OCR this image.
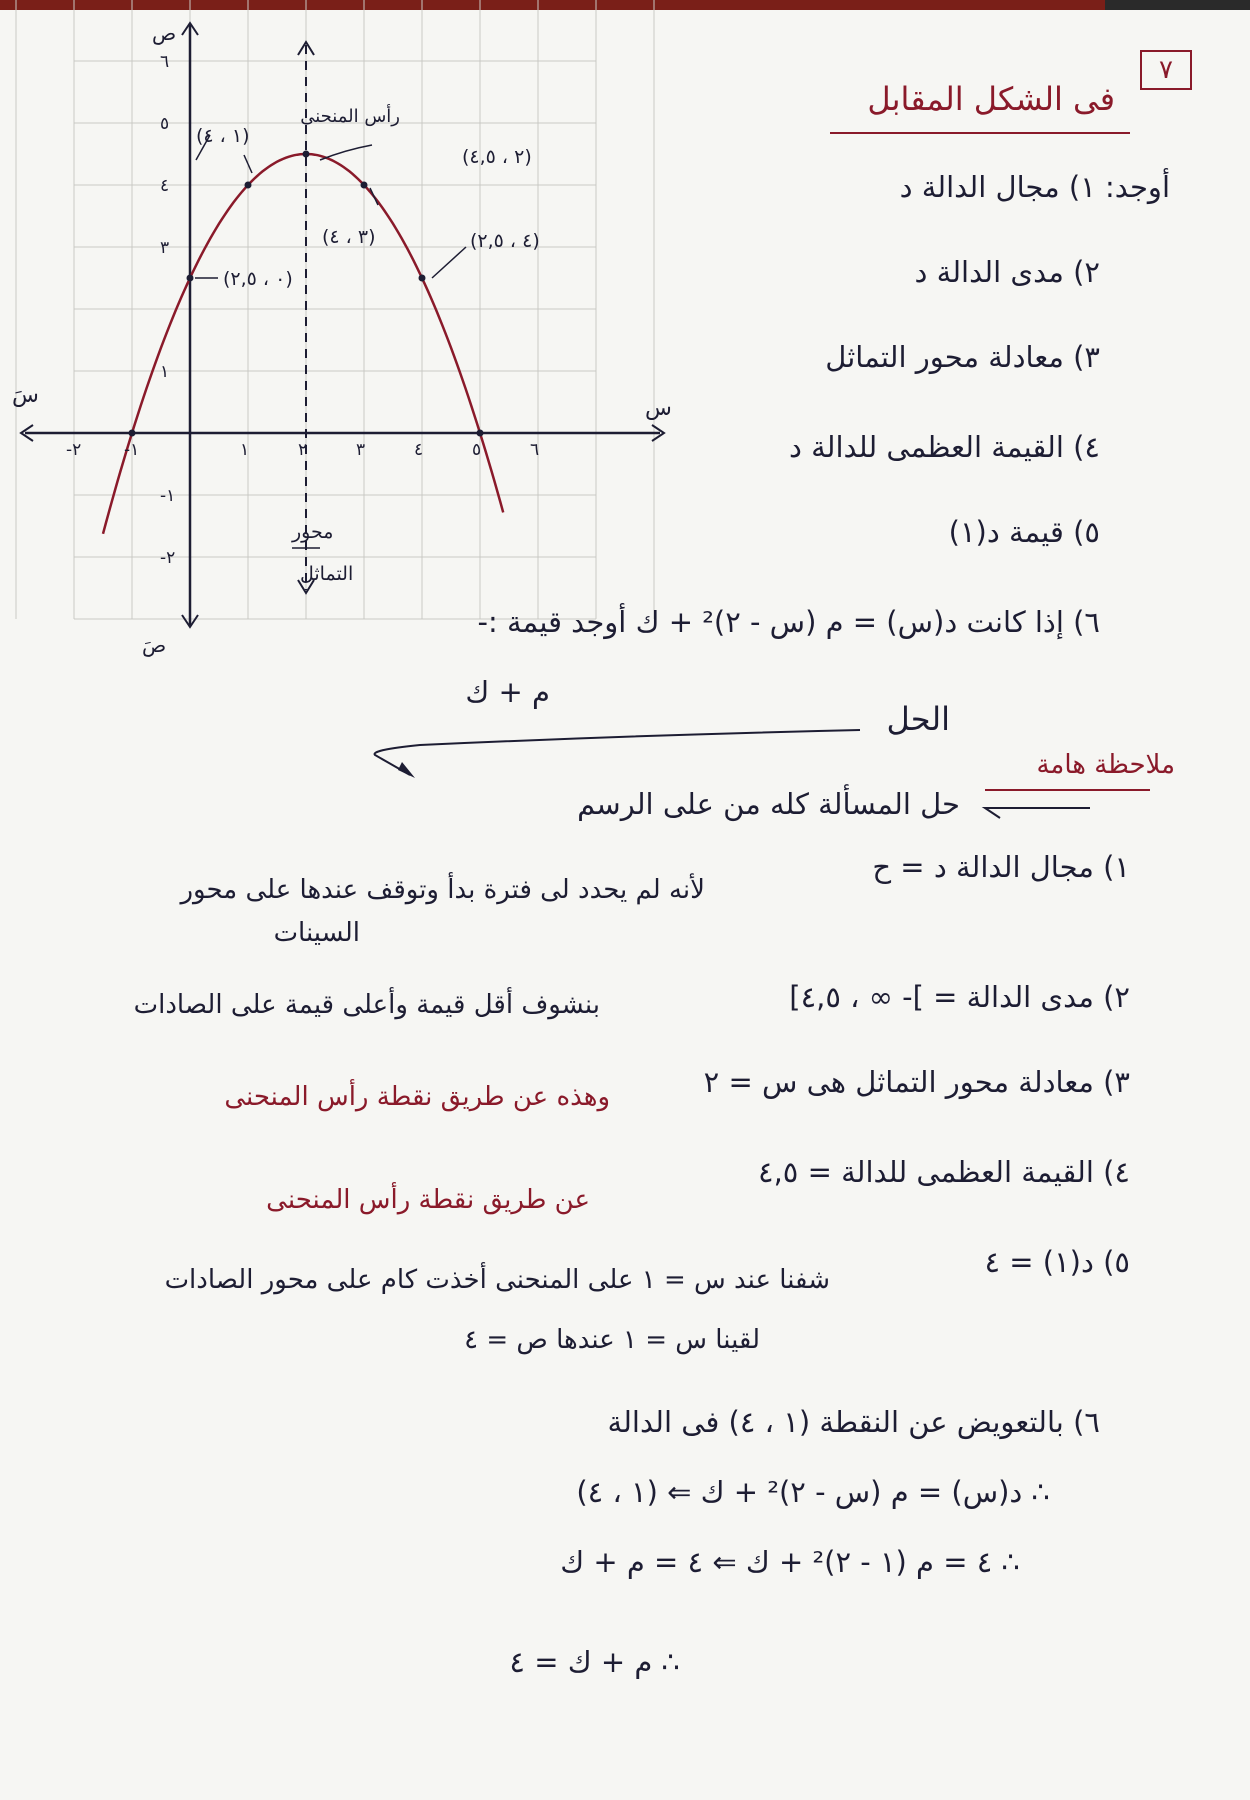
-٢	-١	١	٢	٣	٤	٥	٦
٦
٥
٤
٣
١
-١
-٢
ص
صَ
س
سَ
رأس المنحنى
(٢ ، ٤,٥)
(١ ، ٤)
(٣ ، ٤)	(٤ ، ٢,٥)
(٠ ، ٢,٥)
محور
التماثل
٧
فى الشكل المقابل
أوجد: ١) مجال الدالة د
٢) مدى الدالة د
٣) معادلة محور التماثل
٤) القيمة العظمى للدالة د
٥) قيمة د(١)
٦) إذا كانت د(س) = م (س - ٢)² + ك أوجد قيمة :-
م + ك
الحل
ملاحظة هامة
حل المسألة كله من على الرسم
١) مجال الدالة د = ح
لأنه لم يحدد لى فترة بدأ وتوقف عندها على محور
السينات
٢) مدى الدالة = ]- ∞ ، ٤,٥]
بنشوف أقل قيمة وأعلى قيمة على الصادات
٣) معادلة محور التماثل هى س = ٢
وهذه عن طريق نقطة رأس المنحنى
٤) القيمة العظمى للدالة = ٤,٥
عن طريق نقطة رأس المنحنى
٥) د(١) = ٤
شفنا عند س = ١ على المنحنى أخذت كام على محور الصادات
لقينا س = ١ عندها ص = ٤
٦) بالتعويض عن النقطة (١ ، ٤) فى الدالة
∴ د(س) = م (س - ٢)² + ك ⇐ (١ ، ٤)
∴ ٤ = م (١ - ٢)² + ك ⇐ ٤ = م + ك
∴ م + ك = ٤
